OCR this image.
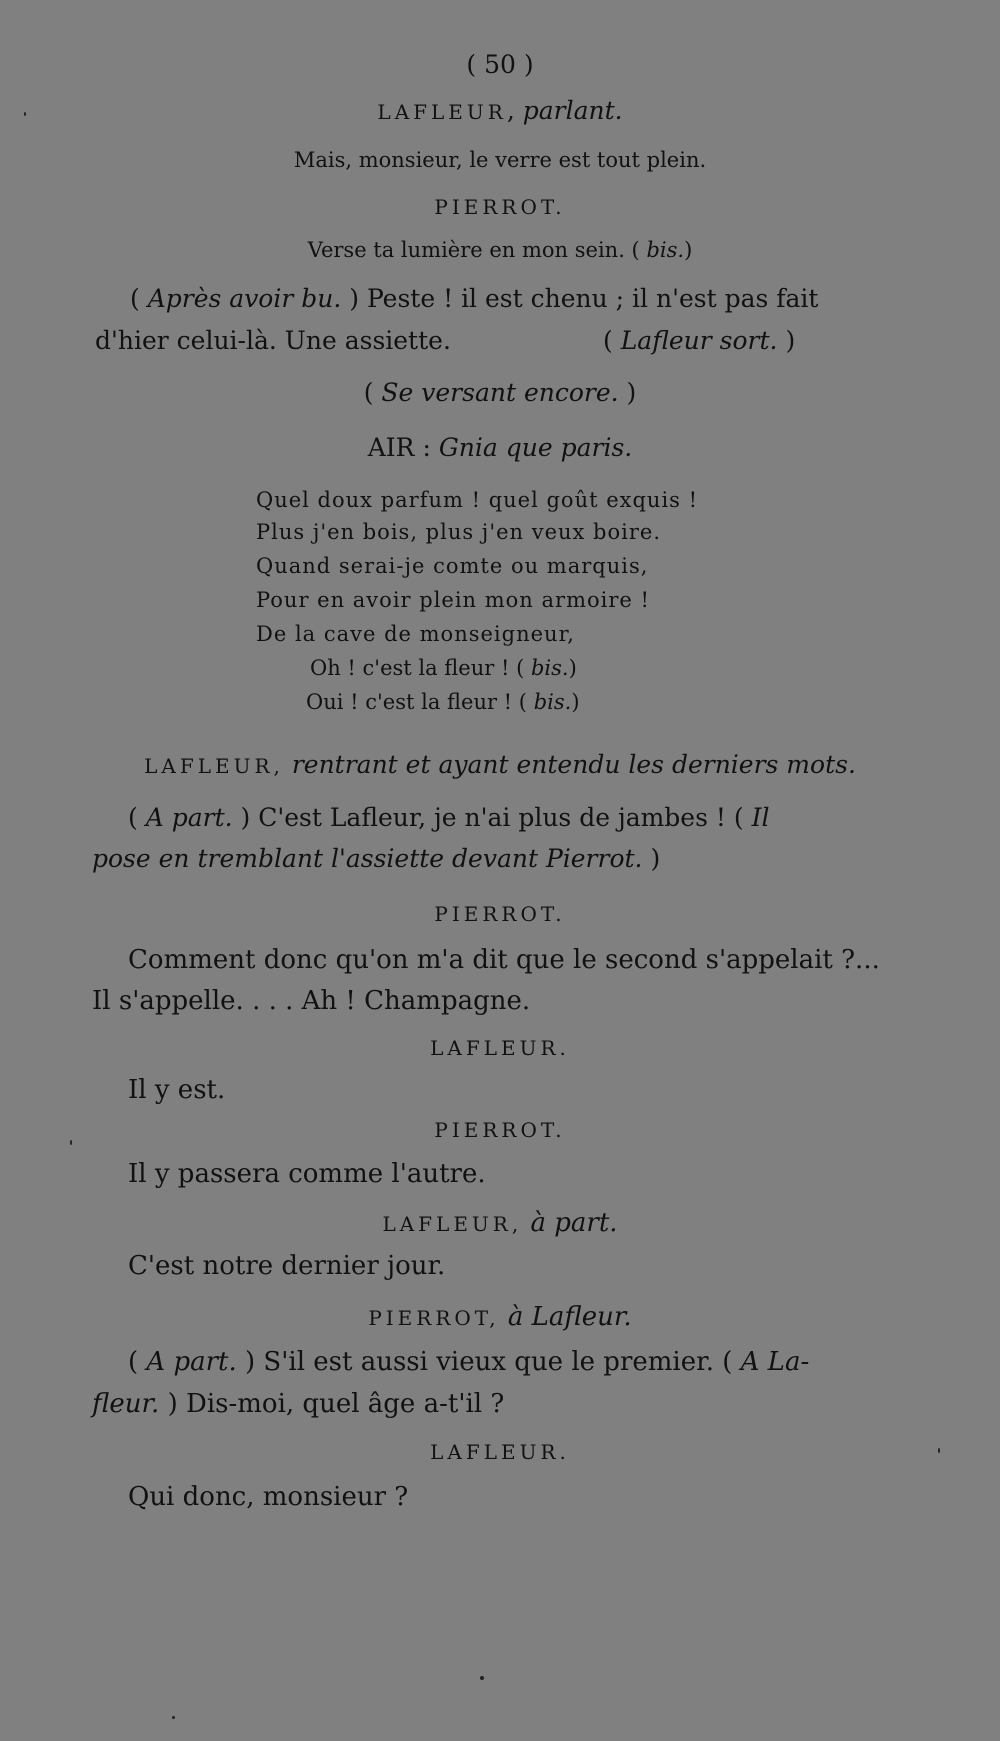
( 50 )
LAFLEUR, parlant.
Mais, monsieur, le verre est tout plein.
PIERROT.
Verse ta lumière en mon sein. ( bis.)
( Après avoir bu. ) Peste ! il est chenu ; il n'est pas fait
d'hier celui-là. Une assiette.	( Lafleur sort. )
( Se versant encore. )
AIR : Gnia que paris.
Quel doux parfum ! quel goût exquis !
Plus j'en bois, plus j'en veux boire.
Quand serai-je comte ou marquis,
Pour en avoir plein mon armoire !
De la cave de monseigneur,
Oh ! c'est la fleur ! ( bis.)
Oui ! c'est la fleur ! ( bis.)
LAFLEUR, rentrant et ayant entendu les derniers mots.
( A part. ) C'est Lafleur, je n'ai plus de jambes ! ( Il
pose en tremblant l'assiette devant Pierrot. )
PIERROT.
Comment donc qu'on m'a dit que le second s'appelait ?...
Il s'appelle. . . . Ah ! Champagne.
LAFLEUR.
Il y est.
PIERROT.
Il y passera comme l'autre.
LAFLEUR, à part.
C'est notre dernier jour.
PIERROT, à Lafleur.
( A part. ) S'il est aussi vieux que le premier. ( A La-
fleur. ) Dis-moi, quel âge a-t'il ?
LAFLEUR.
Qui donc, monsieur ?
